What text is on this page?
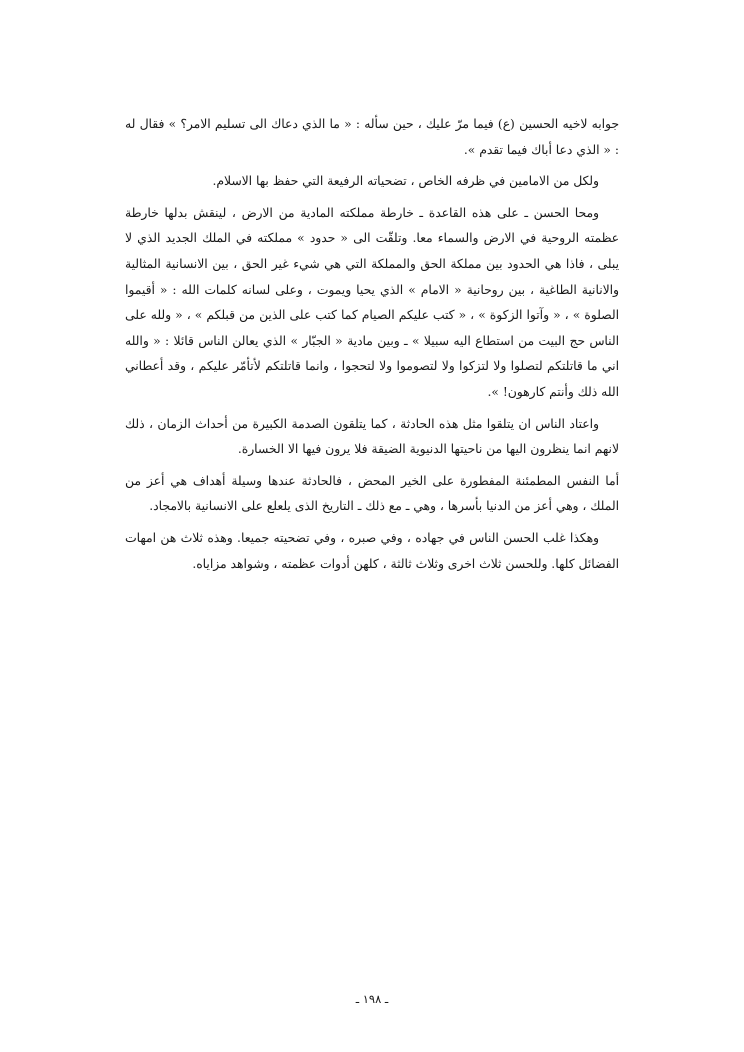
جوابه لاخيه الحسين (ع) فيما مرّ عليك ، حين سأله : « ما الذي دعاك الى تسليم الامر؟ » فقال له : « الذي دعا أباك فيما تقدم ».

ولكل من الامامين في ظرفه الخاص ، تضحياته الرفيعة التي حفظ بها الاسلام.

ومحا الحسن ـ على هذه القاعدة ـ خارطة مملكته المادية من الارض ، لينقش بدلها خارطة عظمته الروحية في الارض والسماء معا. وتلقّت الى « حدود » مملكته في الملك الجديد الذي لا يبلى ، فاذا هي الحدود بين مملكة الحق والمملكة التي هي شيء غير الحق ، بين الانسانية المثالية والانانية الطاغية ، بين روحانية « الامام » الذي يحيا ويموت ، وعلى لسانه كلمات الله : « أقيموا الصلوة » ، « وآتوا الزكوة » ، « كتب عليكم الصيام كما كتب على الذين من قبلكم » ، « ولله على الناس حج البيت من استطاع اليه سبيلا » ـ وبين مادية « الجبّار » الذي يعالن الناس قائلا : « والله اني ما قاتلتكم لتصلوا ولا لتزكوا ولا لتصوموا ولا لتحجوا ، وانما قاتلتكم لأتأمّر عليكم ، وقد أعطاني الله ذلك وأنتم كارهون! ».

واعتاد الناس ان يتلقوا مثل هذه الحادثة ، كما يتلقون الصدمة الكبيرة من أحداث الزمان ، ذلك لانهم انما ينظرون اليها من ناحيتها الدنيوية الضيقة فلا يرون فيها الا الخسارة.

أما النفس المطمئنة المفطورة على الخير المحض ، فالحادثة عندها وسيلة أهداف هي أعز من الملك ، وهي أعز من الدنيا بأسرها ، وهي ـ مع ذلك ـ التاريخ الذى يلعلع على الانسانية بالامجاد.

وهكذا غلب الحسن الناس في جهاده ، وفي صبره ، وفي تضحيته جميعا. وهذه ثلاث هن امهات الفضائل كلها. وللحسن ثلاث اخرى وثلاث ثالثة ، كلهن أدوات عظمته ، وشواهد مزاياه.

ـ ١٩٨ ـ
